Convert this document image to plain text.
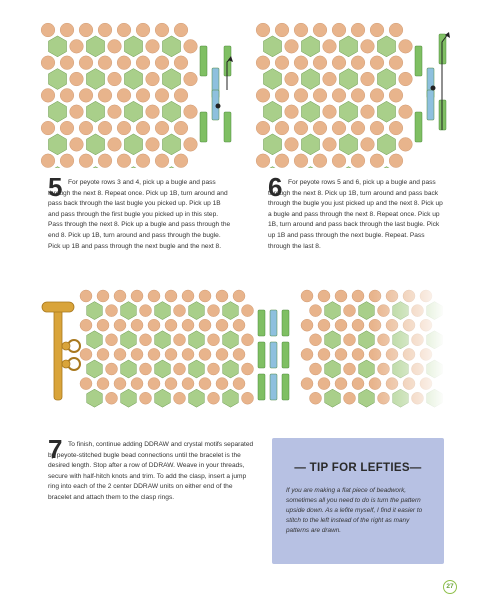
5 For peyote rows 3 and 4, pick up a bugle and pass through the next 8. Repeat once. Pick up 1B, turn around and pass back through the last bugle you picked up. Pick up 1B and pass through the first bugle you picked up in this step. Pass through the next 8. Pick up a bugle and pass through the end 8. Pick up 1B, turn around and pass through the bugle. Pick up 1B and pass through the next bugle and the next 8.

6 For peyote rows 5 and 6, pick up a bugle and pass through the next 8. Pick up 1B, turn around and pass back through the bugle you just picked up and the next 8. Pick up a bugle and pass through the next 8. Repeat once. Pick up 1B, turn around and pass back through the last bugle. Pick up 1B and pass through the next bugle. Repeat. Pass through the last 8.

7 To finish, continue adding DDRAW and crystal motifs separated by peyote-stitched bugle bead connections until the bracelet is the desired length. Stop after a row of DDRAW. Weave in your threads, secure with half-hitch knots and trim. To add the clasp, insert a jump ring into each of the 2 center DDRAW units on either end of the bracelet and attach them to the clasp rings.

— TIP FOR LEFTIES—
If you are making a flat piece of beadwork, sometimes all you need to do is turn the pattern upside down. As a lefite myself, I find it easier to stitch to the left instead of the right as many patterns are drawn.
27
